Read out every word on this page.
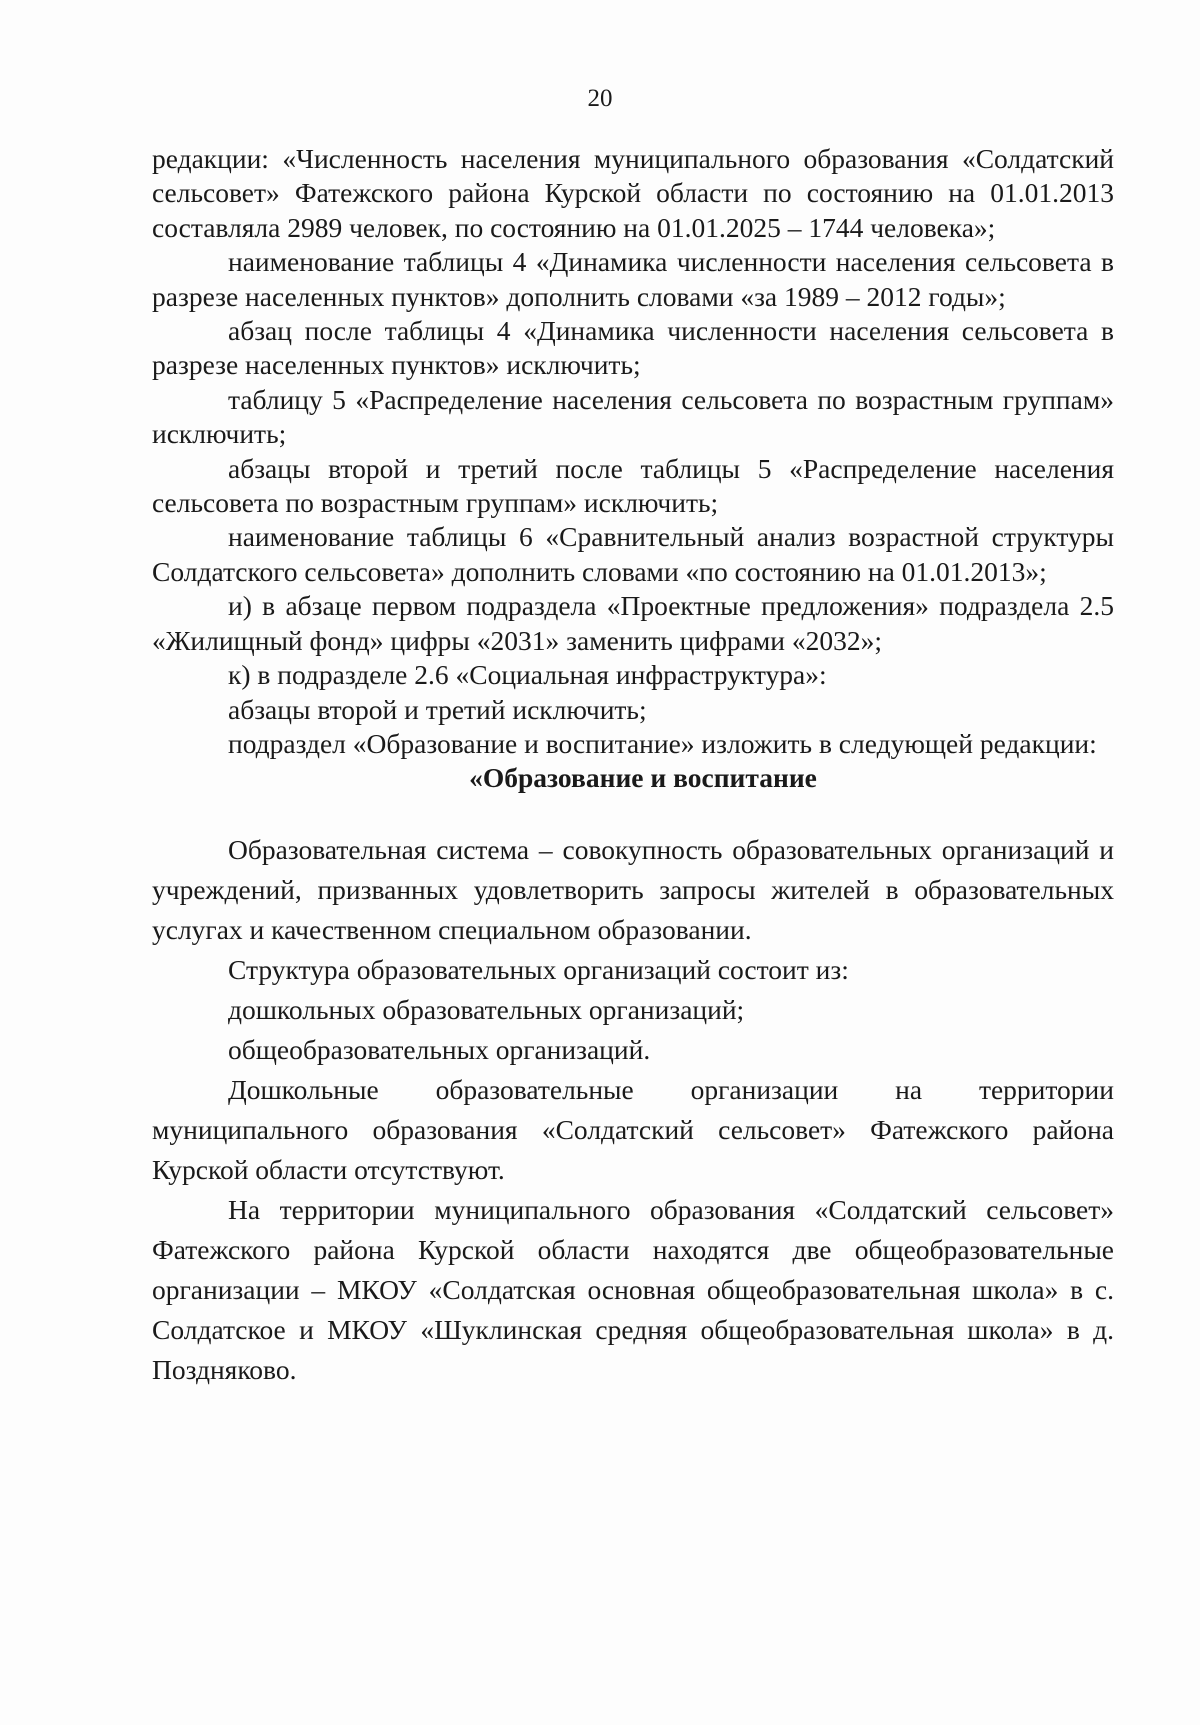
20

редакции: «Численность населения муниципального образования «Солдатский сельсовет» Фатежского района Курской области по состоянию на 01.01.2013 составляла 2989 человек, по состоянию на 01.01.2025 – 1744 человека»;

наименование таблицы 4 «Динамика численности населения сельсовета в разрезе населенных пунктов» дополнить словами «за 1989 – 2012 годы»;

абзац после таблицы 4 «Динамика численности населения сельсовета в разрезе населенных пунктов» исключить;

таблицу 5 «Распределение населения сельсовета по возрастным группам» исключить;

абзацы второй и третий после таблицы 5 «Распределение населения сельсовета по возрастным группам» исключить;

наименование таблицы 6 «Сравнительный анализ возрастной структуры Солдатского сельсовета» дополнить словами «по состоянию на 01.01.2013»;

и) в абзаце первом подраздела «Проектные предложения» подраздела 2.5 «Жилищный фонд» цифры «2031» заменить цифрами «2032»;

к) в подразделе 2.6 «Социальная инфраструктура»:

абзацы второй и третий исключить;

подраздел «Образование и воспитание» изложить в следующей редакции:

«Образование и воспитание

Образовательная система – совокупность образовательных организаций и учреждений, призванных удовлетворить запросы жителей в образовательных услугах и качественном специальном образовании.

Структура образовательных организаций состоит из:

дошкольных образовательных организаций;

общеобразовательных организаций.

Дошкольные образовательные организации на территории муниципального образования «Солдатский сельсовет» Фатежского района Курской области отсутствуют.

На территории муниципального образования «Солдатский сельсовет» Фатежского района Курской области находятся две общеобразовательные организации – МКОУ «Солдатская основная общеобразовательная школа» в с. Солдатское и МКОУ «Шуклинская средняя общеобразовательная школа» в д. Поздняково.
